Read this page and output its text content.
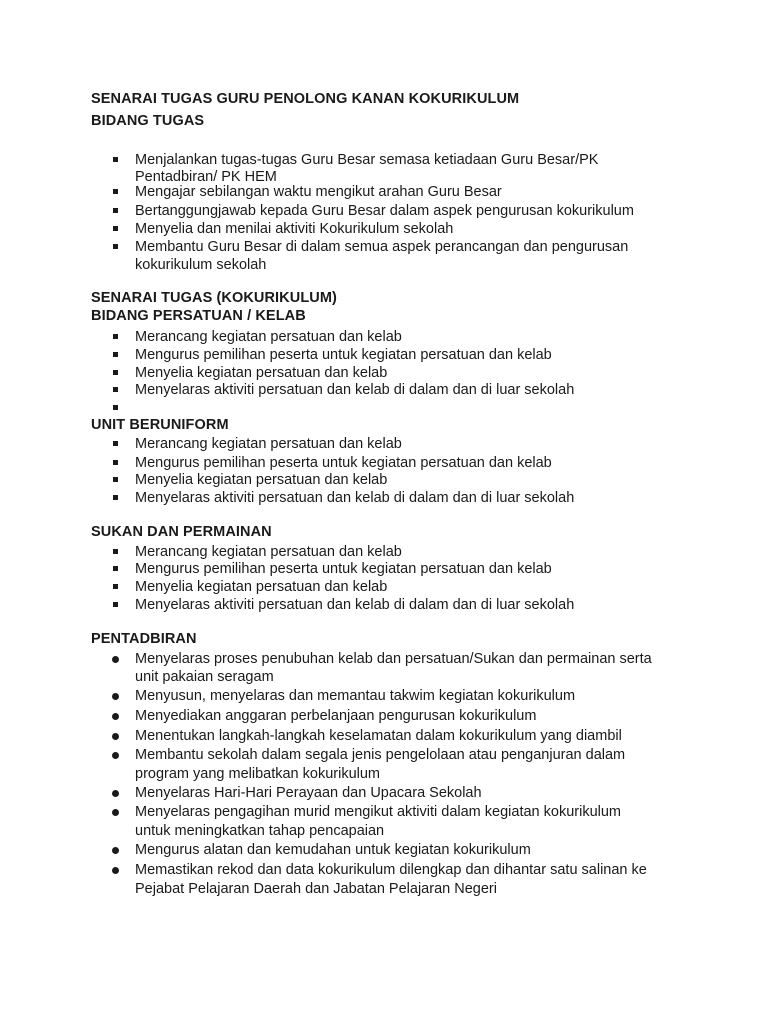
SENARAI TUGAS GURU PENOLONG KANAN KOKURIKULUM
BIDANG TUGAS
Menjalankan tugas-tugas Guru Besar semasa ketiadaan Guru Besar/PK
Pentadbiran/ PK HEM
Mengajar sebilangan waktu mengikut arahan Guru Besar
Bertanggungjawab kepada Guru Besar dalam aspek pengurusan kokurikulum
Menyelia dan menilai aktiviti Kokurikulum sekolah
Membantu Guru Besar di dalam semua aspek perancangan dan pengurusan
kokurikulum sekolah
SENARAI TUGAS (KOKURIKULUM)
BIDANG PERSATUAN / KELAB
Merancang kegiatan persatuan dan kelab
Mengurus pemilihan peserta untuk kegiatan persatuan dan kelab
Menyelia kegiatan persatuan dan kelab
Menyelaras aktiviti persatuan dan kelab di dalam dan di luar sekolah
UNIT BERUNIFORM
Merancang kegiatan persatuan dan kelab
Mengurus pemilihan peserta untuk kegiatan persatuan dan kelab
Menyelia kegiatan persatuan dan kelab
Menyelaras aktiviti persatuan dan kelab di dalam dan di luar sekolah
SUKAN DAN PERMAINAN
Merancang kegiatan persatuan dan kelab
Mengurus pemilihan peserta untuk kegiatan persatuan dan kelab
Menyelia kegiatan persatuan dan kelab
Menyelaras aktiviti persatuan dan kelab di dalam dan di luar sekolah
PENTADBIRAN
Menyelaras proses penubuhan kelab dan persatuan/Sukan dan permainan serta
unit pakaian seragam
Menyusun, menyelaras dan memantau takwim kegiatan kokurikulum
Menyediakan anggaran perbelanjaan pengurusan kokurikulum
Menentukan langkah-langkah keselamatan dalam kokurikulum yang diambil
Membantu sekolah dalam segala jenis pengelolaan atau penganjuran dalam
program yang melibatkan kokurikulum
Menyelaras Hari-Hari Perayaan dan Upacara Sekolah
Menyelaras pengagihan murid mengikut aktiviti dalam kegiatan kokurikulum
untuk meningkatkan tahap pencapaian
Mengurus alatan dan kemudahan untuk kegiatan kokurikulum
Memastikan rekod dan data kokurikulum dilengkap dan dihantar satu salinan ke
Pejabat Pelajaran Daerah dan Jabatan Pelajaran Negeri
